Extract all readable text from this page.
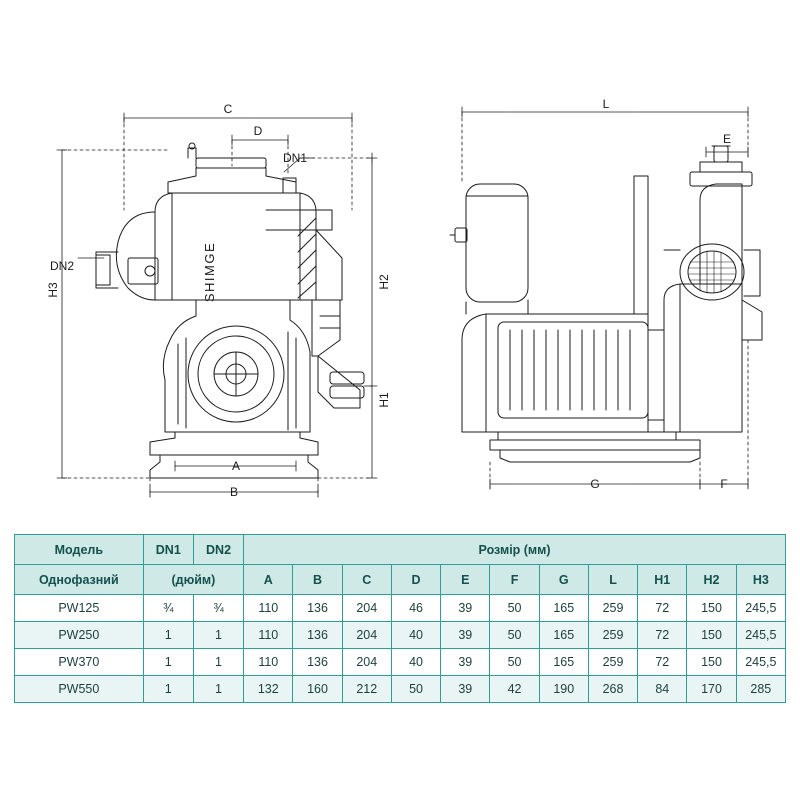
SHIMGE
C
D
DN1
DN2
H3
H2
H1
A
B
L
E
G	F
Модель	DN1	DN2	Розмір (мм)										
Однофазний	(дюйм)		A	B	C	D	E	F	G	L	H1	H2	H3
PW125	¾	¾	110	136	204	46	39	50	165	259	72	150	245,5
PW250	1	1	110	136	204	40	39	50	165	259	72	150	245,5
PW370	1	1	110	136	204	40	39	50	165	259	72	150	245,5
PW550	1	1	132	160	212	50	39	42	190	268	84	170	285
